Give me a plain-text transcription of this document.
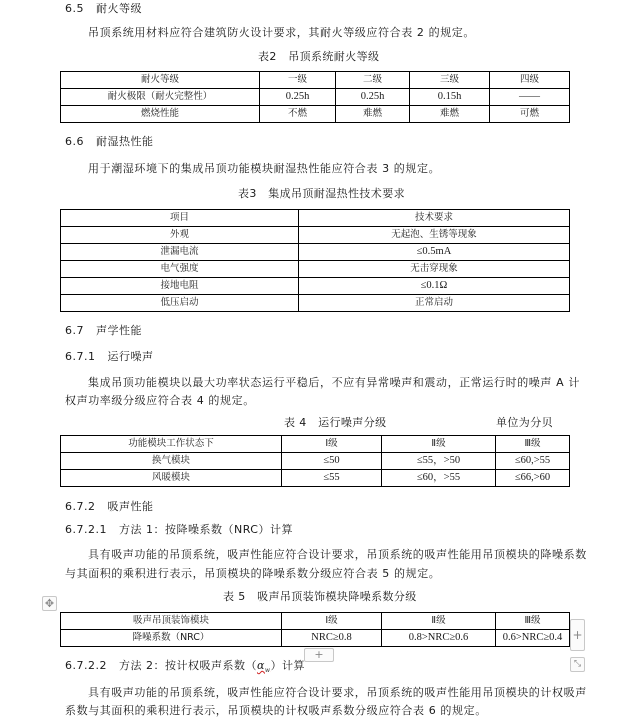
6.5 耐火等级
吊顶系统用材料应符合建筑防火设计要求，其耐火等级应符合表 2 的规定。
表2　吊顶系统耐火等级
耐火等级	一级	二级	三级	四级
耐火极限（耐火完整性）	0.25h	0.25h	0.15h	——
燃烧性能	不燃	难燃	难燃	可燃
6.6 耐湿热性能
用于潮湿环境下的集成吊顶功能模块耐湿热性能应符合表 3 的规定。
表3　集成吊顶耐湿热性技术要求
项目	技术要求
外观	无起泡、生锈等现象
泄漏电流	≤0.5mA
电气强度	无击穿现象
接地电阻	≤0.1Ω
低压启动	正常启动
6.7 声学性能
6.7.1 运行噪声
集成吊顶功能模块以最大功率状态运行平稳后，不应有异常噪声和震动，正常运行时的噪声 A 计
权声功率级分级应符合表 4 的规定。
表 4　运行噪声分级	单位为分贝
功能模块工作状态下	Ⅰ级	Ⅱ级	Ⅲ级
换气模块	≤50	≤55，>50	≤60,>55
风暖模块	≤55	≤60，>55	≤66,>60
6.7.2 吸声性能
6.7.2.1 方法 1：按降噪系数（NRC）计算
具有吸声功能的吊顶系统，吸声性能应符合设计要求，吊顶系统的吸声性能用吊顶模块的降噪系数
与其面积的乘积进行表示，吊顶模块的降噪系数分级应符合表 5 的规定。
表 5　吸声吊顶装饰模块降噪系数分级
✥
吸声吊顶装饰模块	Ⅰ级	Ⅱ级	Ⅲ级
降噪系数（NRC）	NRC≥0.8	0.8>NRC≥0.6	0.6>NRC≥0.4 +
+
⤡
6.7.2.2 方法 2：按计权吸声系数$(\alpha_w)$计算
具有吸声功能的吊顶系统，吸声性能应符合设计要求，吊顶系统的吸声性能用吊顶模块的计权吸声
系数与其面积的乘积进行表示，吊顶模块的计权吸声系数分级应符合表 6 的规定。
